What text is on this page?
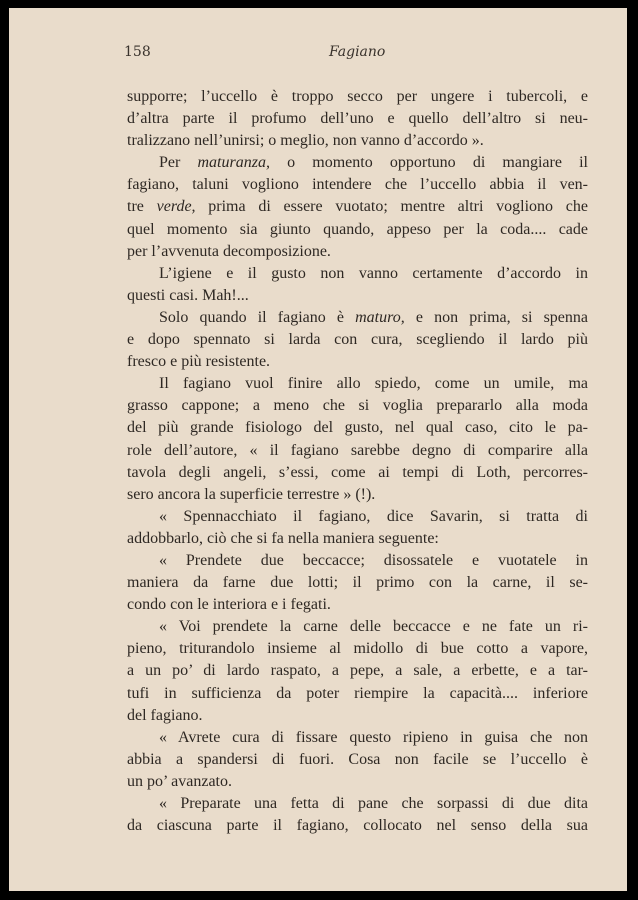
158	Fagiano
supporre; l’uccello è troppo secco per ungere i tubercoli, e
d’altra parte il profumo dell’uno e quello dell’altro si neu-
tralizzano nell’unirsi; o meglio, non vanno d’accordo ».
Per maturanza, o momento opportuno di mangiare il
fagiano, taluni vogliono intendere che l’uccello abbia il ven-
tre verde, prima di essere vuotato; mentre altri vogliono che
quel momento sia giunto quando, appeso per la coda.... cade
per l’avvenuta decomposizione.
L’igiene e il gusto non vanno certamente d’accordo in
questi casi. Mah!...
Solo quando il fagiano è maturo, e non prima, si spenna
e dopo spennato si larda con cura, scegliendo il lardo più
fresco e più resistente.
Il fagiano vuol finire allo spiedo, come un umile, ma
grasso cappone; a meno che si voglia prepararlo alla moda
del più grande fisiologo del gusto, nel qual caso, cito le pa-
role dell’autore, « il fagiano sarebbe degno di comparire alla
tavola degli angeli, s’essi, come ai tempi di Loth, percorres-
sero ancora la superficie terrestre » (!).
« Spennacchiato il fagiano, dice Savarin, si tratta di
addobbarlo, ciò che si fa nella maniera seguente:
« Prendete due beccacce; disossatele e vuotatele in
maniera da farne due lotti; il primo con la carne, il se-
condo con le interiora e i fegati.
« Voi prendete la carne delle beccacce e ne fate un ri-
pieno, triturandolo insieme al midollo di bue cotto a vapore,
a un po’ di lardo raspato, a pepe, a sale, a erbette, e a tar-
tufi in sufficienza da poter riempire la capacità.... inferiore
del fagiano.
« Avrete cura di fissare questo ripieno in guisa che non
abbia a spandersi di fuori. Cosa non facile se l’uccello è
un po’ avanzato.
« Preparate una fetta di pane che sorpassi di due dita
da ciascuna parte il fagiano, collocato nel senso della sua
